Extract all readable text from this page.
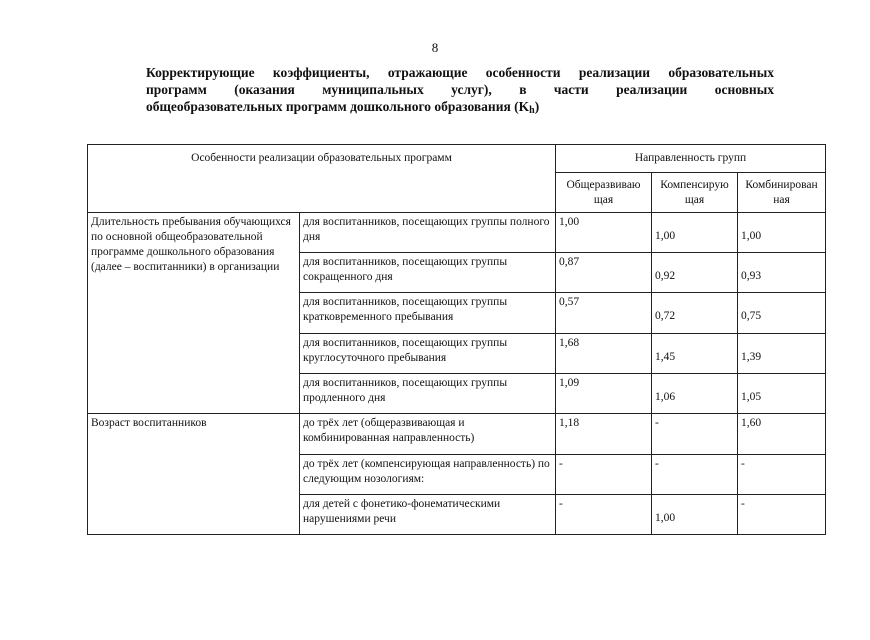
8
Корректирующие коэффициенты, отражающие особенности реализации образовательных
программ (оказания муниципальных услуг), в части реализации основных
общеобразовательных программ дошкольного образования $(K_h)$
Особенности реализации образовательных программ		Направленность групп		
		Общеразвиваю щая	Компенсирую щая	Комбинирован ная
Длительность пребывания обучающихся по основной общеобразовательной программе дошкольного образования (далее – воспитанники) в организации	для воспитанников, посещающих группы полного дня	1,00	1,00	1,00
	для воспитанников, посещающих группы сокращенного дня	0,87	0,92	0,93
	для воспитанников, посещающих группы кратковременного пребывания	0,57	0,72	0,75
	для воспитанников, посещающих группы круглосуточного пребывания	1,68	1,45	1,39
	для воспитанников, посещающих группы продленного дня	1,09	1,06	1,05
Возраст воспитанников	до трёх лет (общеразвивающая и комбинированная направленность)	1,18	-	1,60
	до трёх лет (компенсирующая направленность) по следующим нозологиям:	-	-	-
	для детей с фонетико-фонематическими нарушениями речи	-	1,00	-
